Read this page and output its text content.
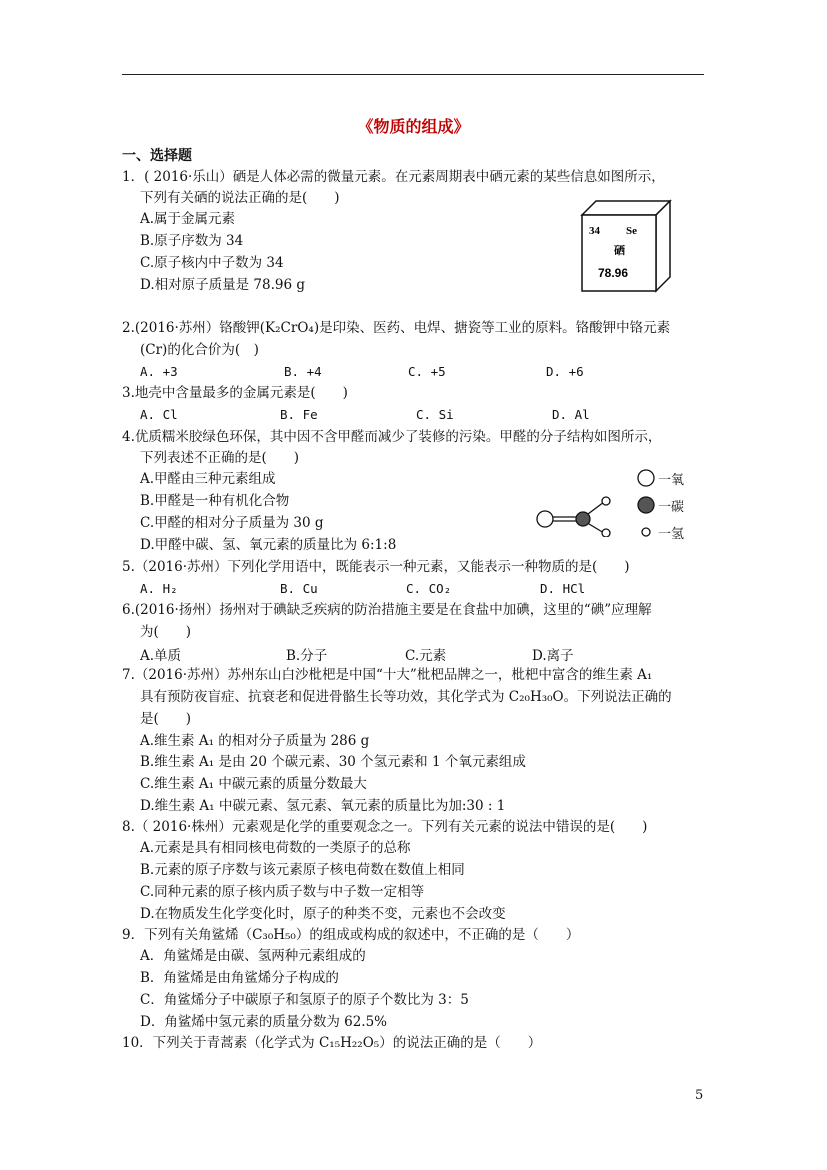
《物质的组成》
一、选择题
1．( 2016·乐山）硒是人体必需的微量元素。在元素周期表中硒元素的某些信息如图所示，
下列有关硒的说法正确的是(　　)
A.属于金属元素
B.原子序数为 34
C.原子核内中子数为 34
D.相对原子质量是 78.96 g
34 Se
硒
78.96
2.(2016·苏州）铬酸钾(K₂CrO₄)是印染、医药、电焊、搪瓷等工业的原料。铬酸钾中铬元素
(Cr)的化合价为(　)
A. +3	B. +4	C. +5	D. +6
3.地壳中含量最多的金属元素是(　　)
A. Cl	B. Fe	C. Si	D. Al
4.优质糯米胶绿色环保，其中因不含甲醛而减少了装修的污染。甲醛的分子结构如图所示，
下列表述不正确的是(　　)
A.甲醛由三种元素组成
B.甲醛是一种有机化合物
C.甲醛的相对分子质量为 30 g
D.甲醛中碳、氢、氧元素的质量比为 6:1:8
一氧
一碳
一氢
5.（2016·苏州）下列化学用语中，既能表示一种元素，又能表示一种物质的是(　　)
A. H₂	B. Cu	C. CO₂	D. HCl
6.(2016·扬州）扬州对于碘缺乏疾病的防治措施主要是在食盐中加碘，这里的“碘”应理解
为(　　)
A.单质	B.分子	C.元素	D.离子
7.（2016·苏州）苏州东山白沙枇杷是中国“十大”枇杷品牌之一，枇杷中富含的维生素 A₁
具有预防夜盲症、抗衰老和促进骨骼生长等功效，其化学式为 C₂₀H₃₀O。下列说法正确的
是(　　)
A.维生素 A₁ 的相对分子质量为 286 g
B.维生素 A₁ 是由 20 个碳元素、30 个氢元素和 1 个氧元素组成
C.维生素 A₁ 中碳元素的质量分数最大
D.维生素 A₁ 中碳元素、氢元素、氧元素的质量比为加:30 : 1
8.（ 2016·株州）元素观是化学的重要观念之一。下列有关元素的说法中错误的是(　　)
A.元素是具有相同核电荷数的一类原子的总称
B.元素的原子序数与该元素原子核电荷数在数值上相同
C.同种元素的原子核内质子数与中子数一定相等
D.在物质发生化学变化时，原子的种类不变，元素也不会改变
9．下列有关角鲨烯（C₃₀H₅₀）的组成或构成的叙述中，不正确的是（　　）
A．角鲨烯是由碳、氢两种元素组成的
B．角鲨烯是由角鲨烯分子构成的
C．角鲨烯分子中碳原子和氢原子的原子个数比为 3：5
D．角鲨烯中氢元素的质量分数为 62.5%
10．下列关于青蒿素（化学式为 C₁₅H₂₂O₅）的说法正确的是（　　）
5
